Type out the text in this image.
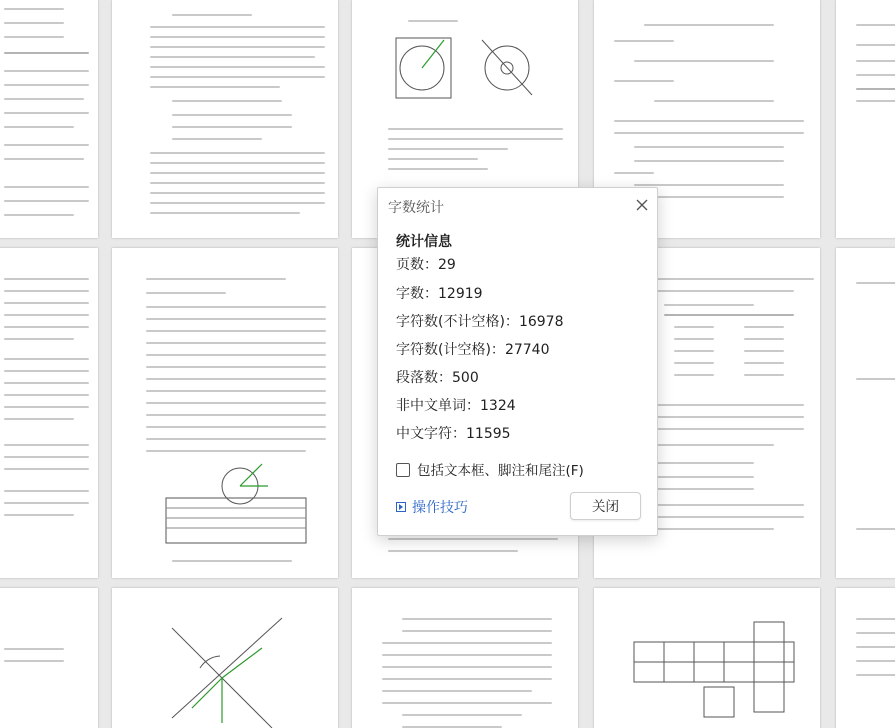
字数统计
统计信息
页数：29
字数：12919
字符数(不计空格)：16978
字符数(计空格)：27740
段落数：500
非中文单词：1324
中文字符：11595
包括文本框、脚注和尾注(F)
操作技巧	关闭
